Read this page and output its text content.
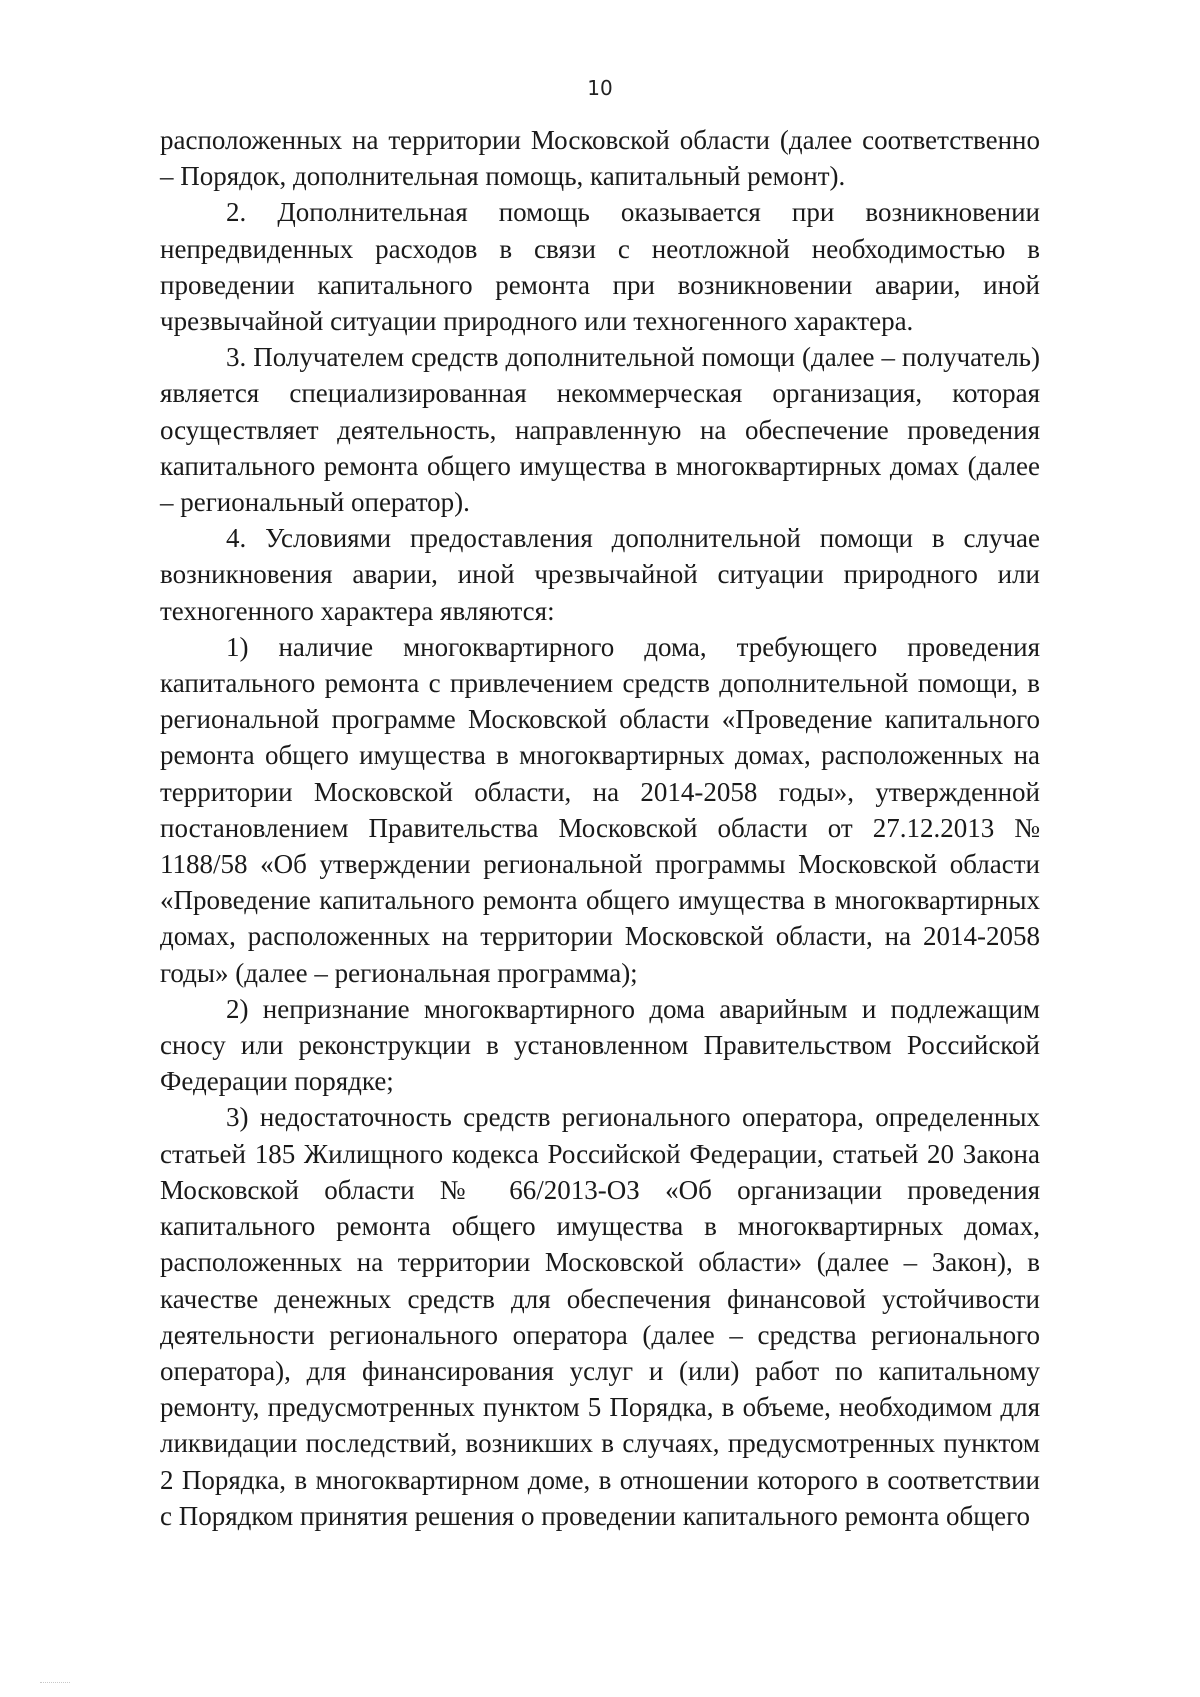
10

расположенных на территории Московской области (далее соответственно – Порядок, дополнительная помощь, капитальный ремонт).

2. Дополнительная помощь оказывается при возникновении непредвиденных расходов в связи с неотложной необходимостью в проведении капитального ремонта при возникновении аварии, иной чрезвычайной ситуации природного или техногенного характера.

3. Получателем средств дополнительной помощи (далее – получатель) является специализированная некоммерческая организация, которая осуществляет деятельность, направленную на обеспечение проведения капитального ремонта общего имущества в многоквартирных домах (далее – региональный оператор).

4. Условиями предоставления дополнительной помощи в случае возникновения аварии, иной чрезвычайной ситуации природного или техногенного характера являются:

1) наличие многоквартирного дома, требующего проведения капитального ремонта с привлечением средств дополнительной помощи, в региональной программе Московской области «Проведение капитального ремонта общего имущества в многоквартирных домах, расположенных на территории Московской области, на 2014-2058 годы», утвержденной постановлением Правительства Московской области от 27.12.2013 № 1188/58 «Об утверждении региональной программы Московской области «Проведение капитального ремонта общего имущества в многоквартирных домах, расположенных на территории Московской области, на 2014-2058 годы» (далее – региональная программа);

2) непризнание многоквартирного дома аварийным и подлежащим сносу или реконструкции в установленном Правительством Российской Федерации порядке;

3) недостаточность средств регионального оператора, определенных статьей 185 Жилищного кодекса Российской Федерации, статьей 20 Закона Московской области № 66/2013-ОЗ «Об организации проведения капитального ремонта общего имущества в многоквартирных домах, расположенных на территории Московской области» (далее – Закон), в качестве денежных средств для обеспечения финансовой устойчивости деятельности регионального оператора (далее – средства регионального оператора), для финансирования услуг и (или) работ по капитальному ремонту, предусмотренных пунктом 5 Порядка, в объеме, необходимом для ликвидации последствий, возникших в случаях, предусмотренных пунктом 2 Порядка, в многоквартирном доме, в отношении которого в соответствии с Порядком принятия решения о проведении капитального ремонта общего
